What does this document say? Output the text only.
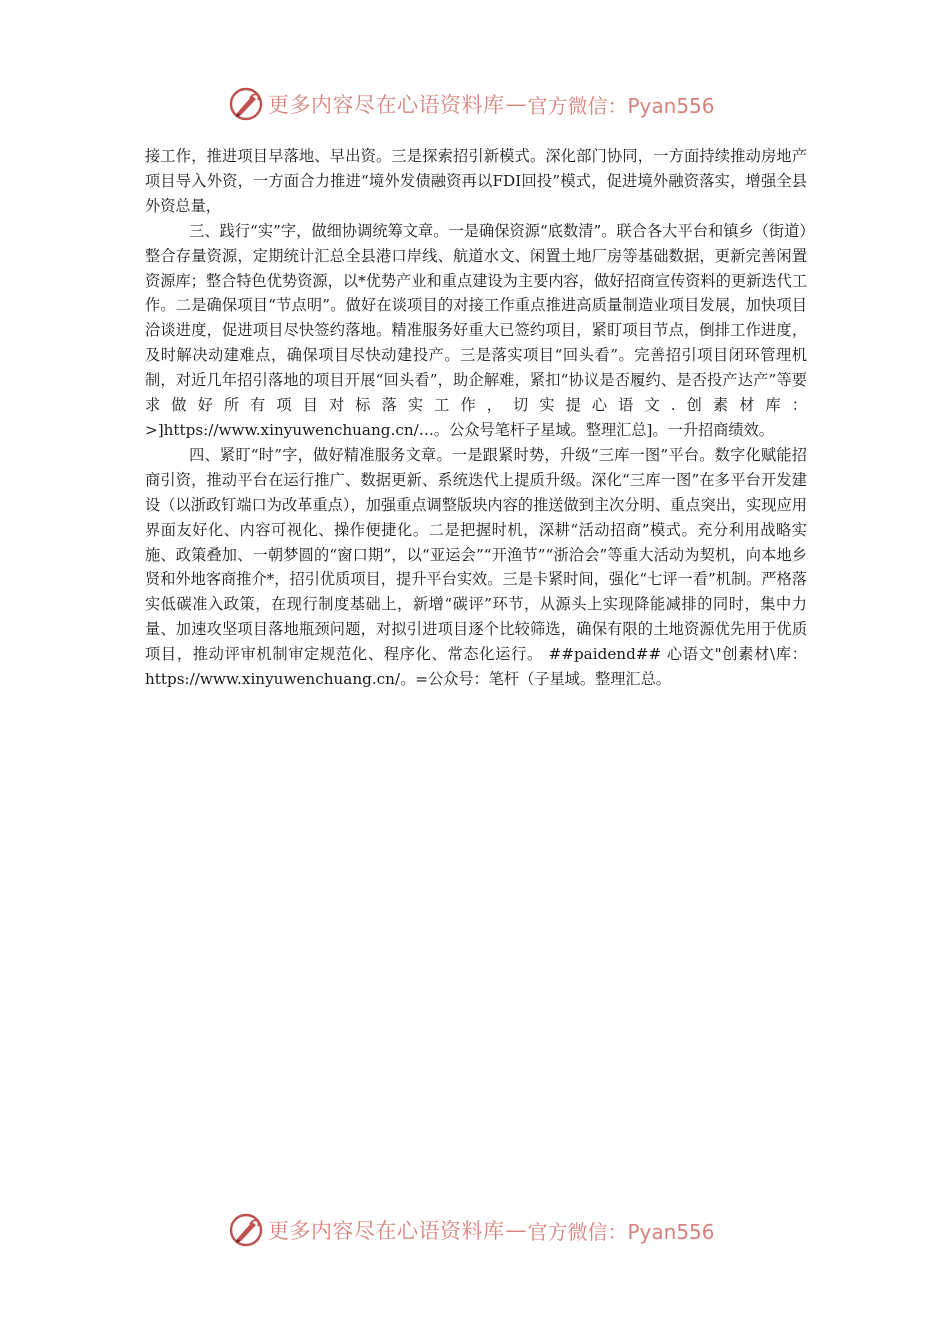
更多内容尽在心语资料库 — 官方微信：Pyan556

接工作，推进项目早落地、早出资。三是探索招引新模式。深化部门协同，一方面持续推动房地产项目导入外资，一方面合力推进“境外发债融资再以FDI回投”模式，促进境外融资落实，增强全县外资总量，

三、践行“实”字，做细协调统筹文章。一是确保资源“底数清”。联合各大平台和镇乡（街道）整合存量资源，定期统计汇总全县港口岸线、航道水文、闲置土地厂房等基础数据，更新完善闲置资源库；整合特色优势资源，以*优势产业和重点建设为主要内容，做好招商宣传资料的更新迭代工作。二是确保项目“节点明”。做好在谈项目的对接工作重点推进高质量制造业项目发展，加快项目洽谈进度，促进项目尽快签约落地。精准服务好重大已签约项目，紧盯项目节点，倒排工作进度，及时解决动建难点，确保项目尽快动建投产。三是落实项目“回头看”。完善招引项目闭环管理机制，对近几年招引落地的项目开展“回头看”，助企解难，紧扣“协议是否履约、是否投产达产”等要求做好所有项目对标落实工作，切实提心语文.创素材库：>]https://www.xinyuwenchuang.cn/…。公众号笔杆子星域。整理汇总]。一升招商绩效。

四、紧盯“时”字，做好精准服务文章。一是跟紧时势，升级“三库一图”平台。数字化赋能招商引资，推动平台在运行推广、数据更新、系统迭代上提质升级。深化“三库一图”在多平台开发建设（以浙政钉端口为改革重点），加强重点调整版块内容的推送做到主次分明、重点突出，实现应用界面友好化、内容可视化、操作便捷化。二是把握时机，深耕“活动招商”模式。充分利用战略实施、政策叠加、一朝梦圆的“窗口期”，以“亚运会”“开渔节”“浙洽会”等重大活动为契机，向本地乡贤和外地客商推介*，招引优质项目，提升平台实效。三是卡紧时间，强化“七评一看”机制。严格落实低碳准入政策，在现行制度基础上，新增“碳评”环节，从源头上实现降能减排的同时，集中力量、加速攻坚项目落地瓶颈问题，对拟引进项目逐个比较筛选，确保有限的土地资源优先用于优质项目，推动评审机制审定规范化、程序化、常态化运行。 ##paidend## 心语文"创素材\库：https://www.xinyuwenchuang.cn/。=公众号：笔杆（子星域。整理汇总。

更多内容尽在心语资料库 — 官方微信：Pyan556
